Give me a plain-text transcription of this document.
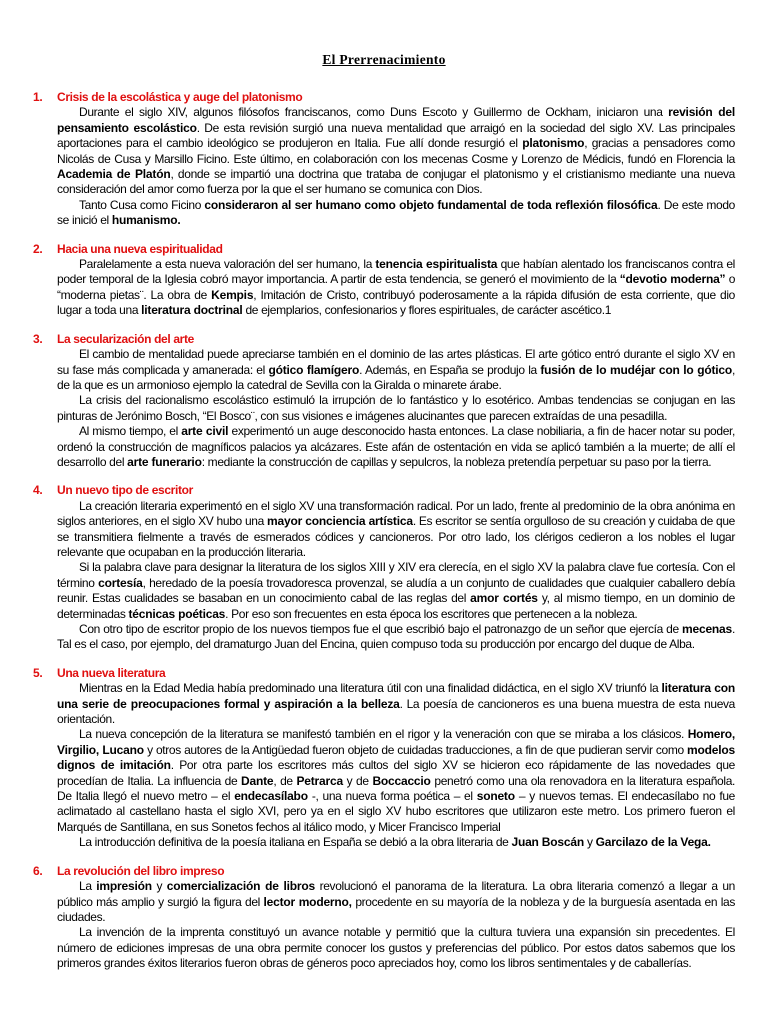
El Prerrenacimiento
1.	Crisis de la escolástica y auge del platonismo

Durante el siglo XIV, algunos filósofos franciscanos, como Duns Escoto y Guillermo de Ockham, iniciaron una revisión del pensamiento escolástico. De esta revisión surgió una nueva mentalidad que arraigó en la sociedad del siglo XV. Las principales aportaciones para el cambio ideológico se produjeron en Italia. Fue allí donde resurgió el platonismo, gracias a pensadores como Nicolás de Cusa y Marsillo Ficino. Este último, en colaboración con los mecenas Cosme y Lorenzo de Médicis, fundó en Florencia la Academia de Platón, donde se impartió una doctrina que trataba de conjugar el platonismo y el cristianismo mediante una nueva consideración del amor como fuerza por la que el ser humano se comunica con Dios.

Tanto Cusa como Ficino consideraron al ser humano como objeto fundamental de toda reflexión filosófica. De este modo se inició el humanismo.

2.	Hacia una nueva espiritualidad

Paralelamente a esta nueva valoración del ser humano, la tenencia espiritualista que habían alentado los franciscanos contra el poder temporal de la Iglesia cobró mayor importancia. A partir de esta tendencia, se generó el movimiento de la “devotio moderna” o “moderna pietas¨. La obra de Kempis, Imitación de Cristo, contribuyó poderosamente a la rápida difusión de esta corriente, que dio lugar a toda una literatura doctrinal de ejemplarios, confesionarios y flores espirituales, de carácter ascético.1

3.	La secularización del arte

El cambio de mentalidad puede apreciarse también en el dominio de las artes plásticas. El arte gótico entró durante el siglo XV en su fase más complicada y amanerada: el gótico flamígero. Además, en España se produjo la fusión de lo mudéjar con lo gótico, de la que es un armonioso ejemplo la catedral de Sevilla con la Giralda o minarete árabe.

La crisis del racionalismo escolástico estimuló la irrupción de lo fantástico y lo esotérico. Ambas tendencias se conjugan en las pinturas de Jerónimo Bosch, “El Bosco¨, con sus visiones e imágenes alucinantes que parecen extraídas de una pesadilla.

Al mismo tiempo, el arte civil experimentó un auge desconocido hasta entonces. La clase nobiliaria, a fin de hacer notar su poder, ordenó la construcción de magníficos palacios ya alcázares. Este afán de ostentación en vida se aplicó también a la muerte; de allí el desarrollo del arte funerario: mediante la construcción de capillas y sepulcros, la nobleza pretendía perpetuar su paso por la tierra.

4.	Un nuevo tipo de escritor

La creación literaria experimentó en el siglo XV una transformación radical. Por un lado, frente al predominio de la obra anónima en siglos anteriores, en el siglo XV hubo una mayor conciencia artística. Es escritor se sentía orgulloso de su creación y cuidaba de que se transmitiera fielmente a través de esmerados códices y cancioneros. Por otro lado, los clérigos cedieron a los nobles el lugar relevante que ocupaban en la producción literaria.

Si la palabra clave para designar la literatura de los siglos XIII y XIV era clerecía, en el siglo XV la palabra clave fue cortesía. Con el término cortesía, heredado de la poesía trovadoresca provenzal, se aludía a un conjunto de cualidades que cualquier caballero debía reunir. Estas cualidades se basaban en un conocimiento cabal de las reglas del amor cortés y, al mismo tiempo, en un dominio de determinadas técnicas poéticas. Por eso son frecuentes en esta época los escritores que pertenecen a la nobleza.

Con otro tipo de escritor propio de los nuevos tiempos fue el que escribió bajo el patronazgo de un señor que ejercía de mecenas. Tal es el caso, por ejemplo, del dramaturgo Juan del Encina, quien compuso toda su producción por encargo del duque de Alba.

5.	Una nueva literatura

Mientras en la Edad Media había predominado una literatura útil con una finalidad didáctica, en el siglo XV triunfó la literatura con una serie de preocupaciones formal y aspiración a la belleza. La poesía de cancioneros es una buena muestra de esta nueva orientación.

La nueva concepción de la literatura se manifestó también en el rigor y la veneración con que se miraba a los clásicos. Homero, Virgilio, Lucano y otros autores de la Antigüedad fueron objeto de cuidadas traducciones, a fin de que pudieran servir como modelos dignos de imitación. Por otra parte los escritores más cultos del siglo XV se hicieron eco rápidamente de las novedades que procedían de Italia. La influencia de Dante, de Petrarca y de Boccaccio penetró como una ola renovadora en la literatura española. De Italia llegó el nuevo metro – el endecasílabo -, una nueva forma poética – el soneto – y nuevos temas. El endecasílabo no fue aclimatado al castellano hasta el siglo XVI, pero ya en el siglo XV hubo escritores que utilizaron este metro. Los primero fueron el Marqués de Santillana, en sus Sonetos fechos al itálico modo, y Micer Francisco Imperial

La introducción definitiva de la poesía italiana en España se debió a la obra literaria de Juan Boscán y Garcilazo de la Vega.

6.	La revolución del libro impreso

La impresión y comercialización de libros revolucionó el panorama de la literatura. La obra literaria comenzó a llegar a un público más amplio y surgió la figura del lector moderno, procedente en su mayoría de la nobleza y de la burguesía asentada en las ciudades.

La invención de la imprenta constituyó un avance notable y permitió que la cultura tuviera una expansión sin precedentes. El número de ediciones impresas de una obra permite conocer los gustos y preferencias del público. Por estos datos sabemos que los primeros grandes éxitos literarios fueron obras de géneros poco apreciados hoy, como los libros sentimentales y de caballerías.
